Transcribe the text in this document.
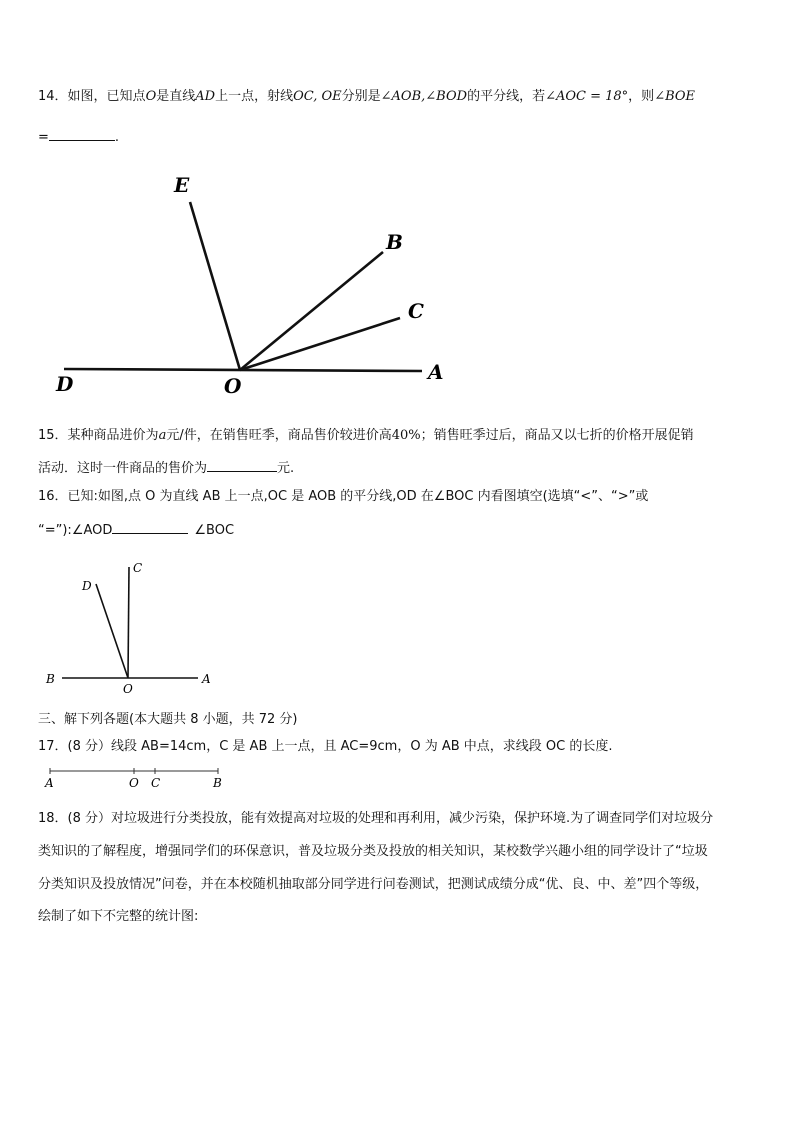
14．如图，已知点O是直线AD上一点，射线OC, OE分别是∠AOB,∠BOD的平分线，若∠AOC = 18°，则∠BOE
=	.
E
B
C
D	O
A
15．某种商品进价为a元/件，在销售旺季，商品售价较进价高40%；销售旺季过后，商品又以七折的价格开展促销
活动．这时一件商品的售价为	元.
16．已知:如图,点 O 为直线 AB 上一点,OC 是 AOB 的平分线,OD 在∠BOC 内看图填空(选填“<”、“>”或
“=”):∠AOD	∠BOC
C
D
B
O
A
三、解下列各题(本大题共 8 小题，共 72 分)
17．(8 分）线段 AB=14cm，C 是 AB 上一点，且 AC=9cm，O 为 AB 中点，求线段 OC 的长度.
A	O C	B
18．(8 分）对垃圾进行分类投放，能有效提高对垃圾的处理和再利用，减少污染，保护环境.为了调查同学们对垃圾分
类知识的了解程度，增强同学们的环保意识，普及垃圾分类及投放的相关知识，某校数学兴趣小组的同学设计了“垃圾
分类知识及投放情况”问卷，并在本校随机抽取部分同学进行问卷测试，把测试成绩分成“优、良、中、差”四个等级，
绘制了如下不完整的统计图:
